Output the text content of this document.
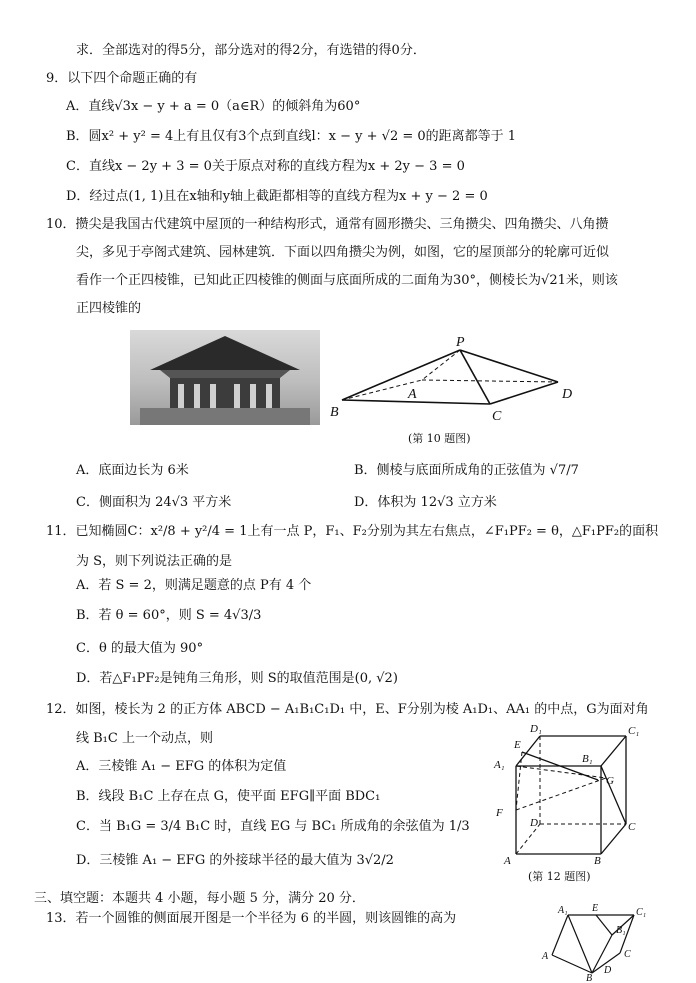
求．全部选对的得5分，部分选对的得2分，有选错的得0分．
9．以下四个命题正确的有
A．直线√3x − y + a = 0（a∈R）的倾斜角为60°
B．圆x² + y² = 4上有且仅有3个点到直线l：x − y + √2 = 0的距离都等于 1
C．直线x − 2y + 3 = 0关于原点对称的直线方程为x + 2y − 3 = 0
D．经过点(1, 1)且在x轴和y轴上截距都相等的直线方程为x + y − 2 = 0
10．攒尖是我国古代建筑中屋顶的一种结构形式，通常有圆形攒尖、三角攒尖、四角攒尖、八角攒
尖，多见于亭阁式建筑、园林建筑．下面以四角攒尖为例，如图，它的屋顶部分的轮廓可近似
看作一个正四棱锥，已知此正四棱锥的侧面与底面所成的二面角为30°，侧棱长为√21米，则该
正四棱锥的
P
A
B	C
D
(第 10 题图)
A．底面边长为 6米	B．侧棱与底面所成角的正弦值为 √7/7
C．侧面积为 24√3 平方米	D．体积为 12√3 立方米
11．已知椭圆C：x²/8 + y²/4 = 1上有一点 P，F₁、F₂分别为其左右焦点，∠F₁PF₂ = θ，△F₁PF₂的面积
为 S，则下列说法正确的是
A．若 S = 2，则满足题意的点 P有 4 个
B．若 θ = 60°，则 S = 4√3/3
C．θ 的最大值为 90°
D．若△F₁PF₂是钝角三角形，则 S的取值范围是(0, √2)
12．如图，棱长为 2 的正方体 ABCD − A₁B₁C₁D₁ 中，E、F分别为棱 A₁D₁、AA₁ 的中点，G为面对角
线 B₁C 上一个动点，则
A．三棱锥 A₁ − EFG 的体积为定值
B．线段 B₁C 上存在点 G，使平面 EFG∥平面 BDC₁
C．当 B₁G = 3/4 B₁C 时，直线 EG 与 BC₁ 所成角的余弦值为 1/3
D．三棱锥 A₁ − EFG 的外接球半径的最大值为 3√2/2
D₁	C₁
E
B₁
A₁
G
F
D	C
A	B
(第 12 题图)
三、填空题：本题共 4 小题，每小题 5 分，满分 20 分．
13．若一个圆锥的侧面展开图是一个半径为 6 的半圆，则该圆锥的高为
A₁ E	C₁
B₁
A	C
B
D
